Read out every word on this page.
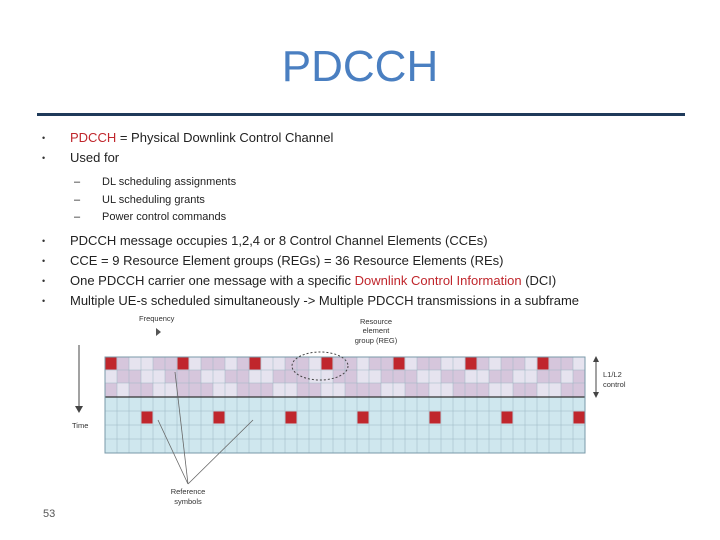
PDCCH
• PDCCH = Physical Downlink Control Channel
• Used for
– DL scheduling assignments
– UL scheduling grants
– Power control commands
• PDCCH message occupies 1,2,4 or 8 Control Channel Elements (CCEs)
• CCE = 9 Resource Element groups (REGs) = 36 Resource Elements (REs)
• One PDCCH carrier one message with a specific Downlink Control Information (DCI)
• Multiple UE-s scheduled simultaneously -> Multiple PDCCH transmissions in a subframe
Frequency
Time
Resource
element
group (REG)
L1/L2
control
Reference
symbols
53
